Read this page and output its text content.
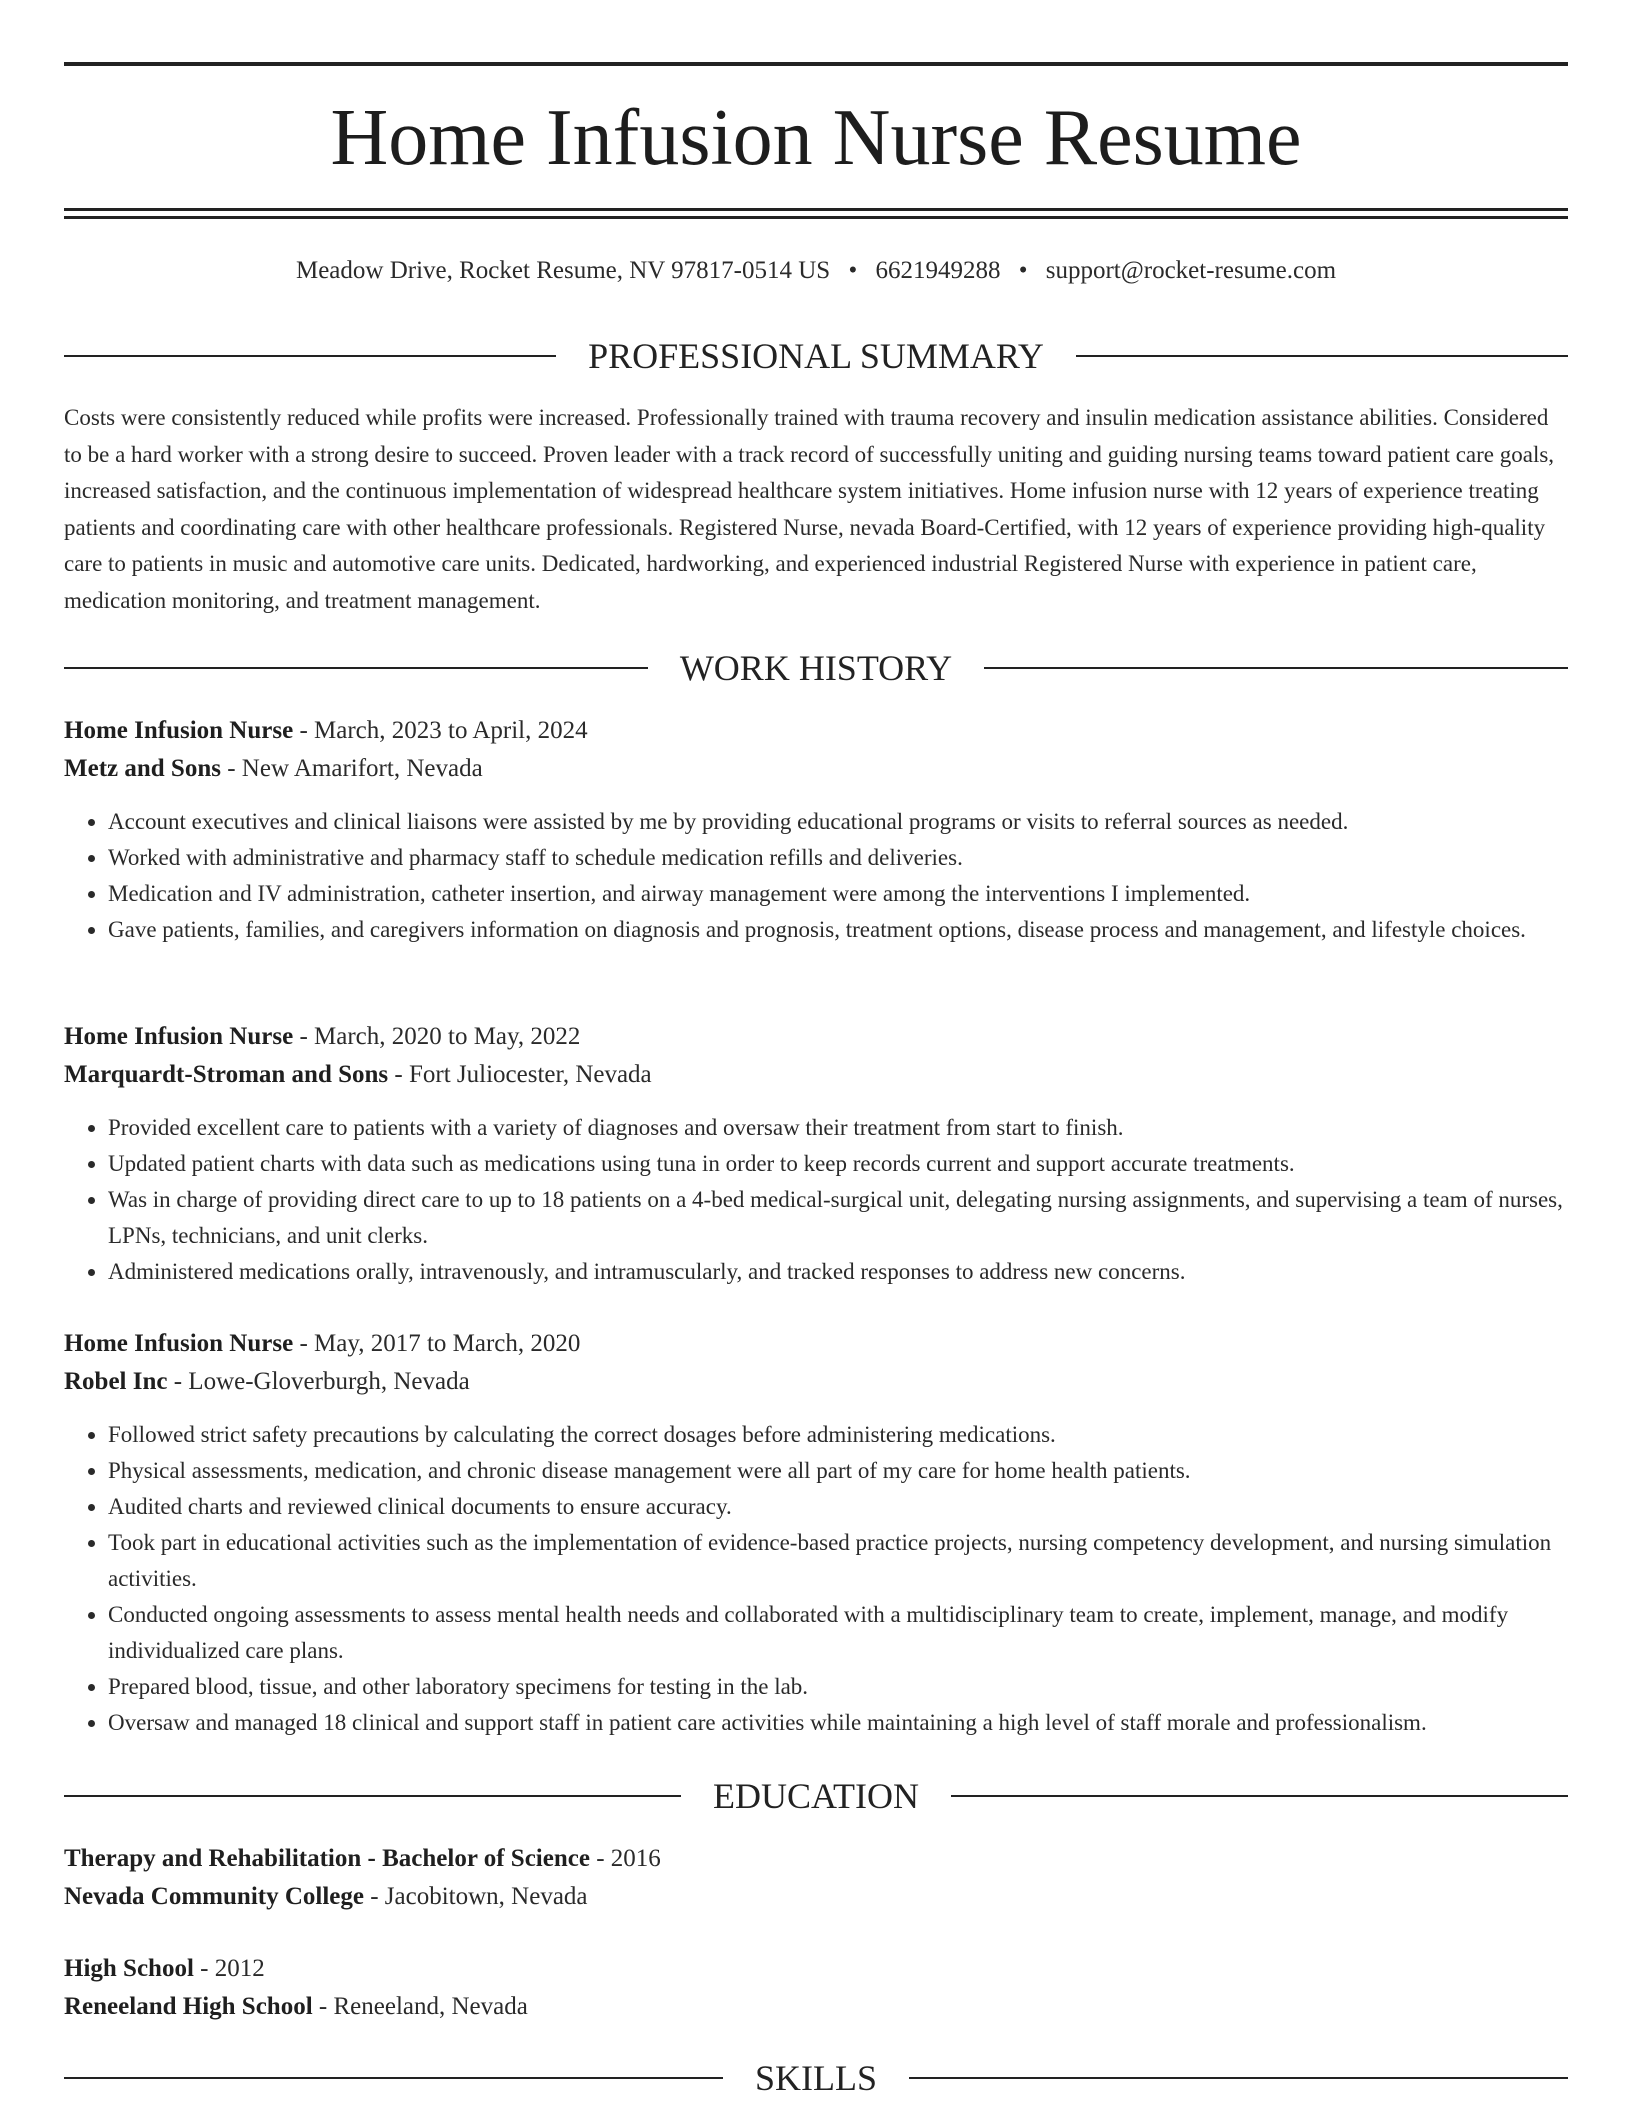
Home Infusion Nurse Resume
Meadow Drive, Rocket Resume, NV 97817-0514 US • 6621949288 • support@rocket-resume.com
PROFESSIONAL SUMMARY
Costs were consistently reduced while profits were increased. Professionally trained with trauma recovery and insulin medication assistance abilities. Considered to be a hard worker with a strong desire to succeed. Proven leader with a track record of successfully uniting and guiding nursing teams toward patient care goals, increased satisfaction, and the continuous implementation of widespread healthcare system initiatives. Home infusion nurse with 12 years of experience treating patients and coordinating care with other healthcare professionals. Registered Nurse, nevada Board-Certified, with 12 years of experience providing high-quality care to patients in music and automotive care units. Dedicated, hardworking, and experienced industrial Registered Nurse with experience in patient care, medication monitoring, and treatment management.
WORK HISTORY
Home Infusion Nurse - March, 2023 to April, 2024
Metz and Sons - New Amarifort, Nevada
• Account executives and clinical liaisons were assisted by me by providing educational programs or visits to referral sources as needed.
• Worked with administrative and pharmacy staff to schedule medication refills and deliveries.
• Medication and IV administration, catheter insertion, and airway management were among the interventions I implemented.
• Gave patients, families, and caregivers information on diagnosis and prognosis, treatment options, disease process and management, and lifestyle choices.
Home Infusion Nurse - March, 2020 to May, 2022
Marquardt-Stroman and Sons - Fort Juliocester, Nevada
• Provided excellent care to patients with a variety of diagnoses and oversaw their treatment from start to finish.
• Updated patient charts with data such as medications using tuna in order to keep records current and support accurate treatments.
• Was in charge of providing direct care to up to 18 patients on a 4-bed medical-surgical unit, delegating nursing assignments, and supervising a team of nurses, LPNs, technicians, and unit clerks.
• Administered medications orally, intravenously, and intramuscularly, and tracked responses to address new concerns.
Home Infusion Nurse - May, 2017 to March, 2020
Robel Inc - Lowe-Gloverburgh, Nevada
• Followed strict safety precautions by calculating the correct dosages before administering medications.
• Physical assessments, medication, and chronic disease management were all part of my care for home health patients.
• Audited charts and reviewed clinical documents to ensure accuracy.
• Took part in educational activities such as the implementation of evidence-based practice projects, nursing competency development, and nursing simulation activities.
• Conducted ongoing assessments to assess mental health needs and collaborated with a multidisciplinary team to create, implement, manage, and modify individualized care plans.
• Prepared blood, tissue, and other laboratory specimens for testing in the lab.
• Oversaw and managed 18 clinical and support staff in patient care activities while maintaining a high level of staff morale and professionalism.
EDUCATION
Therapy and Rehabilitation - Bachelor of Science - 2016
Nevada Community College - Jacobitown, Nevada
High School - 2012
Reneeland High School - Reneeland, Nevada
SKILLS
